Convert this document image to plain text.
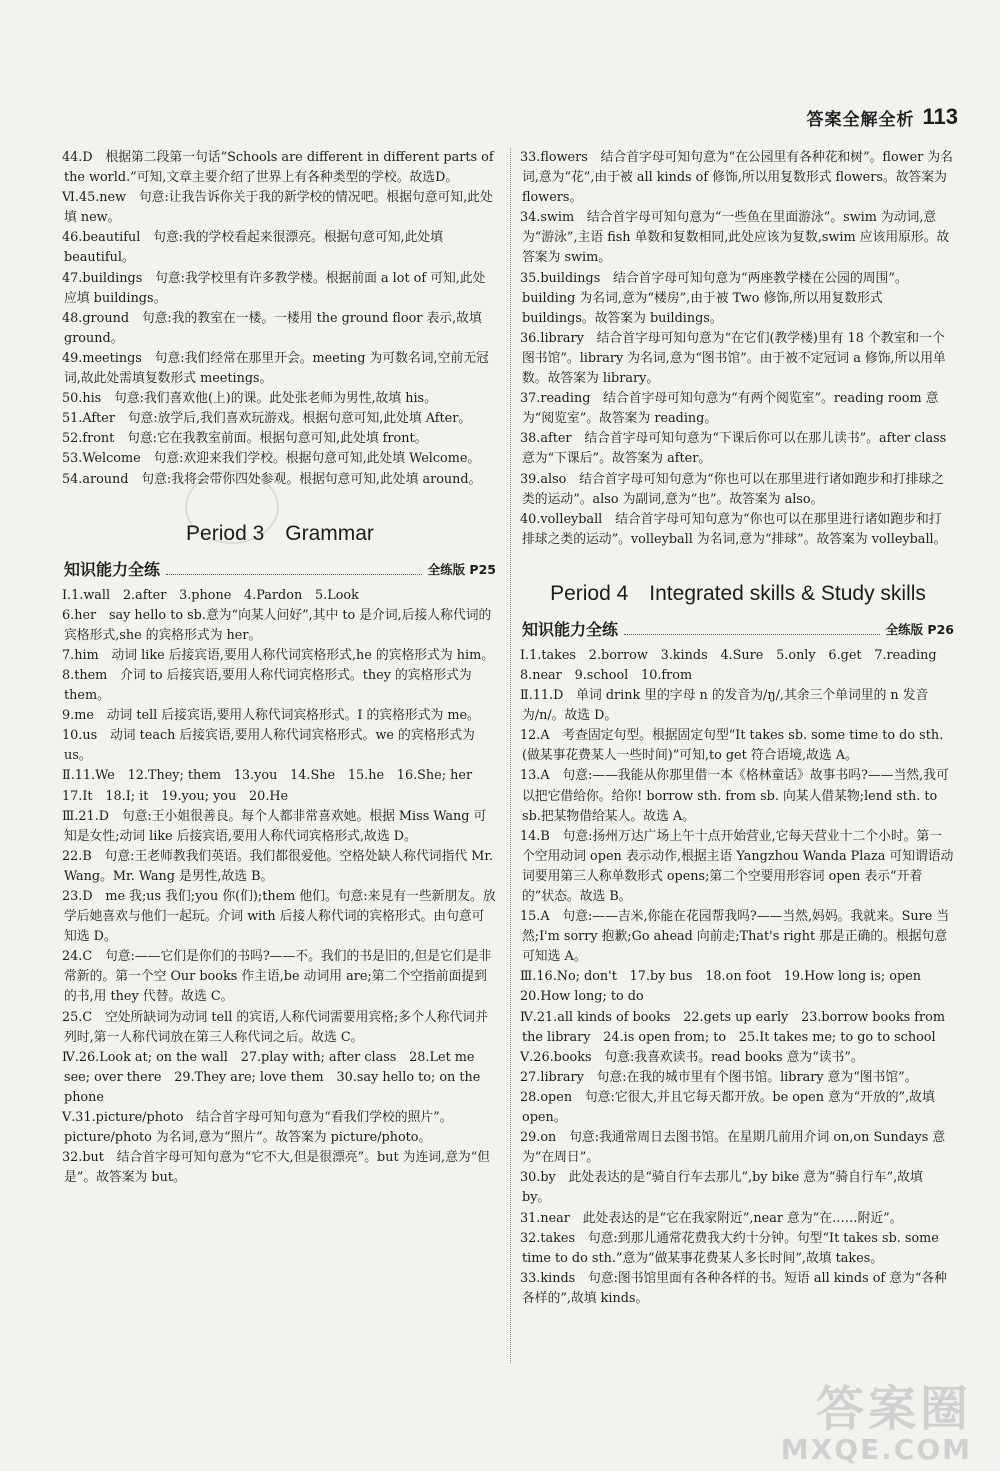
答案全解全析 113

44.D　根据第二段第一句话“Schools are different in different parts of the world.”可知,文章主要介绍了世界上有各种类型的学校。故选D。

Ⅵ.45.new　句意:让我告诉你关于我的新学校的情况吧。根据句意可知,此处填 new。

46.beautiful　句意:我的学校看起来很漂亮。根据句意可知,此处填 beautiful。

47.buildings　句意:我学校里有许多教学楼。根据前面 a lot of 可知,此处应填 buildings。

48.ground　句意:我的教室在一楼。一楼用 the ground floor 表示,故填 ground。

49.meetings　句意:我们经常在那里开会。meeting 为可数名词,空前无冠词,故此处需填复数形式 meetings。

50.his　句意:我们喜欢他(上)的课。此处张老师为男性,故填 his。

51.After　句意:放学后,我们喜欢玩游戏。根据句意可知,此处填 After。

52.front　句意:它在我教室前面。根据句意可知,此处填 front。

53.Welcome　句意:欢迎来我们学校。根据句意可知,此处填 Welcome。

54.around　句意:我将会带你四处参观。根据句意可知,此处填 around。

Period 3　Grammar
知识能力全练	全练版 P25

Ⅰ.1.wall　2.after　3.phone　4.Pardon　5.Look

6.her　say hello to sb.意为“向某人问好”,其中 to 是介词,后接人称代词的宾格形式,she 的宾格形式为 her。

7.him　动词 like 后接宾语,要用人称代词宾格形式,he 的宾格形式为 him。

8.them　介词 to 后接宾语,要用人称代词宾格形式。they 的宾格形式为 them。

9.me　动词 tell 后接宾语,要用人称代词宾格形式。I 的宾格形式为 me。

10.us　动词 teach 后接宾语,要用人称代词宾格形式。we 的宾格形式为 us。

Ⅱ.11.We　12.They; them　13.you　14.She　15.he　16.She; her

17.It　18.I; it　19.you; you　20.He

Ⅲ.21.D　句意:王小姐很善良。每个人都非常喜欢她。根据 Miss Wang 可知是女性;动词 like 后接宾语,要用人称代词宾格形式,故选 D。

22.B　句意:王老师教我们英语。我们都很爱他。空格处缺人称代词指代 Mr. Wang。Mr. Wang 是男性,故选 B。

23.D　me 我;us 我们;you 你(们);them 他们。句意:来見有一些新朋友。放学后她喜欢与他们一起玩。介词 with 后接人称代词的宾格形式。由句意可知选 D。

24.C　句意:——它们是你们的书吗?——不。我们的书是旧的,但是它们是非常新的。第一个空 Our books 作主语,be 动词用 are;第二个空指前面提到的书,用 they 代替。故选 C。

25.C　空处所缺词为动词 tell 的宾语,人称代词需要用宾格;多个人称代词并列时,第一人称代词放在第三人称代词之后。故选 C。

Ⅳ.26.Look at; on the wall　27.play with; after class　28.Let me see; over there　29.They are; love them　30.say hello to; on the phone

Ⅴ.31.picture/photo　结合首字母可知句意为“看我们学校的照片”。picture/photo 为名词,意为“照片”。故答案为 picture/photo。

32.but　结合首字母可知句意为“它不大,但是很漂亮”。but 为连词,意为“但是”。故答案为 but。

33.flowers　结合首字母可知句意为“在公园里有各种花和树”。flower 为名词,意为“花”,由于被 all kinds of 修饰,所以用复数形式 flowers。故答案为 flowers。

34.swim　结合首字母可知句意为“一些鱼在里面游泳”。swim 为动词,意为“游泳”,主语 fish 单数和复数相同,此处应该为复数,swim 应该用原形。故答案为 swim。

35.buildings　结合首字母可知句意为“两座教学楼在公园的周围”。building 为名词,意为“楼房”,由于被 Two 修饰,所以用复数形式 buildings。故答案为 buildings。

36.library　结合首字母可知句意为“在它们(教学楼)里有 18 个教室和一个图书馆”。library 为名词,意为“图书馆”。由于被不定冠词 a 修饰,所以用单数。故答案为 library。

37.reading　结合首字母可知句意为“有两个阅览室”。reading room 意为“阅览室”。故答案为 reading。

38.after　结合首字母可知句意为“下课后你可以在那儿读书”。after class 意为“下课后”。故答案为 after。

39.also　结合首字母可知句意为“你也可以在那里进行诸如跑步和打排球之类的运动”。also 为副词,意为“也”。故答案为 also。

40.volleyball　结合首字母可知句意为“你也可以在那里进行诸如跑步和打排球之类的运动”。volleyball 为名词,意为“排球”。故答案为 volleyball。

Period 4　Integrated skills & Study skills
知识能力全练	全练版 P26

Ⅰ.1.takes　2.borrow　3.kinds　4.Sure　5.only　6.get　7.reading

8.near　9.school　10.from

Ⅱ.11.D　单词 drink 里的字母 n 的发音为/ŋ/,其余三个单词里的 n 发音为/n/。故选 D。

12.A　考查固定句型。根据固定句型“It takes sb. some time to do sth.(做某事花费某人一些时间)”可知,to get 符合语境,故选 A。

13.A　句意:——我能从你那里借一本《格林童话》故事书吗?——当然,我可以把它借给你。给你! borrow sth. from sb. 向某人借某物;lend sth. to sb.把某物借给某人。故选 A。

14.B　句意:扬州万达广场上午十点开始营业,它每天营业十二个小时。第一个空用动词 open 表示动作,根据主语 Yangzhou Wanda Plaza 可知谓语动词要用第三人称单数形式 opens;第二个空要用形容词 open 表示“开着的”状态。故选 B。

15.A　句意:——吉米,你能在花园帮我吗?——当然,妈妈。我就来。Sure 当然;I'm sorry 抱歉;Go ahead 向前走;That's right 那是正确的。根据句意可知选 A。

Ⅲ.16.No; don't　17.by bus　18.on foot　19.How long is; open

20.How long; to do

Ⅳ.21.all kinds of books　22.gets up early　23.borrow books from the library　24.is open from; to　25.It takes me; to go to school

Ⅴ.26.books　句意:我喜欢读书。read books 意为“读书”。

27.library　句意:在我的城市里有个图书馆。library 意为“图书馆”。

28.open　句意:它很大,并且它每天都开放。be open 意为“开放的”,故填 open。

29.on　句意:我通常周日去图书馆。在星期几前用介词 on,on Sundays 意为“在周日”。

30.by　此处表达的是“骑自行车去那儿”,by bike 意为“骑自行车”,故填 by。

31.near　此处表达的是“它在我家附近”,near 意为“在……附近”。

32.takes　句意:到那儿通常花费我大约十分钟。句型“It takes sb. some time to do sth.”意为“做某事花费某人多长时间”,故填 takes。

33.kinds　句意:图书馆里面有各种各样的书。短语 all kinds of 意为“各种各样的”,故填 kinds。

答案圈
MXQE.COM
